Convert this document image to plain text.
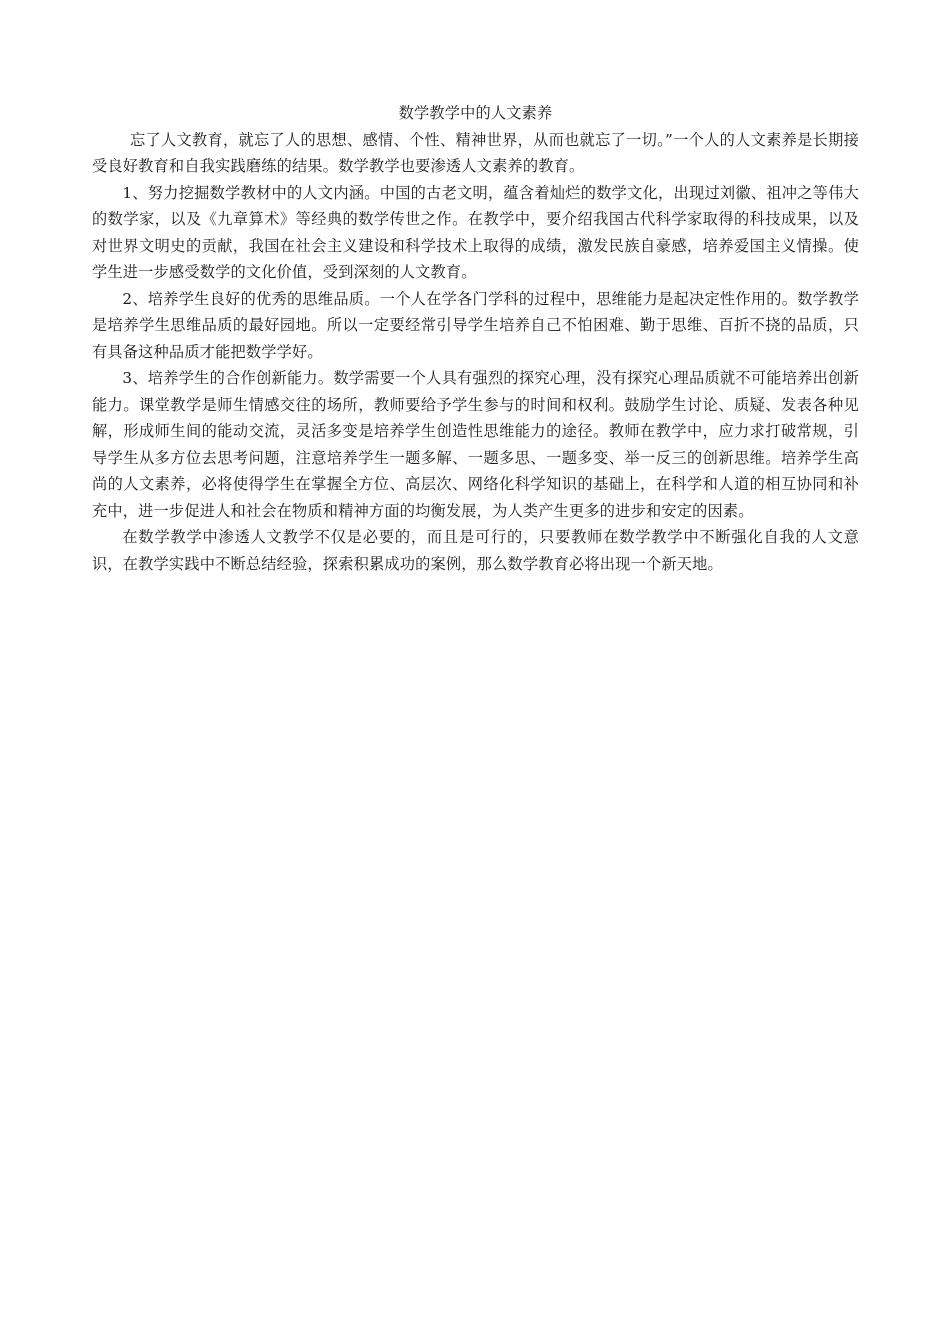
数学教学中的人文素养

忘了人文教育，就忘了人的思想、感情、个性、精神世界，从而也就忘了一切。”一个人的人文素养是长期接受良好教育和自我实践磨练的结果。数学教学也要渗透人文素养的教育。

1、努力挖掘数学教材中的人文内涵。中国的古老文明，蕴含着灿烂的数学文化，出现过刘徽、祖冲之等伟大的数学家，以及《九章算术》等经典的数学传世之作。在教学中，要介绍我国古代科学家取得的科技成果，以及对世界文明史的贡献，我国在社会主义建设和科学技术上取得的成绩，激发民族自豪感，培养爱国主义情操。使学生进一步感受数学的文化价值，受到深刻的人文教育。

2、培养学生良好的优秀的思维品质。一个人在学各门学科的过程中，思维能力是起决定性作用的。数学教学是培养学生思维品质的最好园地。所以一定要经常引导学生培养自己不怕困难、勤于思维、百折不挠的品质，只有具备这种品质才能把数学学好。

3、培养学生的合作创新能力。数学需要一个人具有强烈的探究心理，没有探究心理品质就不可能培养出创新能力。课堂教学是师生情感交往的场所，教师要给予学生参与的时间和权利。鼓励学生讨论、质疑、发表各种见解，形成师生间的能动交流，灵活多变是培养学生创造性思维能力的途径。教师在教学中，应力求打破常规，引导学生从多方位去思考问题，注意培养学生一题多解、一题多思、一题多变、举一反三的创新思维。培养学生高尚的人文素养，必将使得学生在掌握全方位、高层次、网络化科学知识的基础上，在科学和人道的相互协同和补充中，进一步促进人和社会在物质和精神方面的均衡发展，为人类产生更多的进步和安定的因素。

在数学教学中渗透人文教学不仅是必要的，而且是可行的，只要教师在数学教学中不断强化自我的人文意识，在教学实践中不断总结经验，探索积累成功的案例，那么数学教育必将出现一个新天地。
